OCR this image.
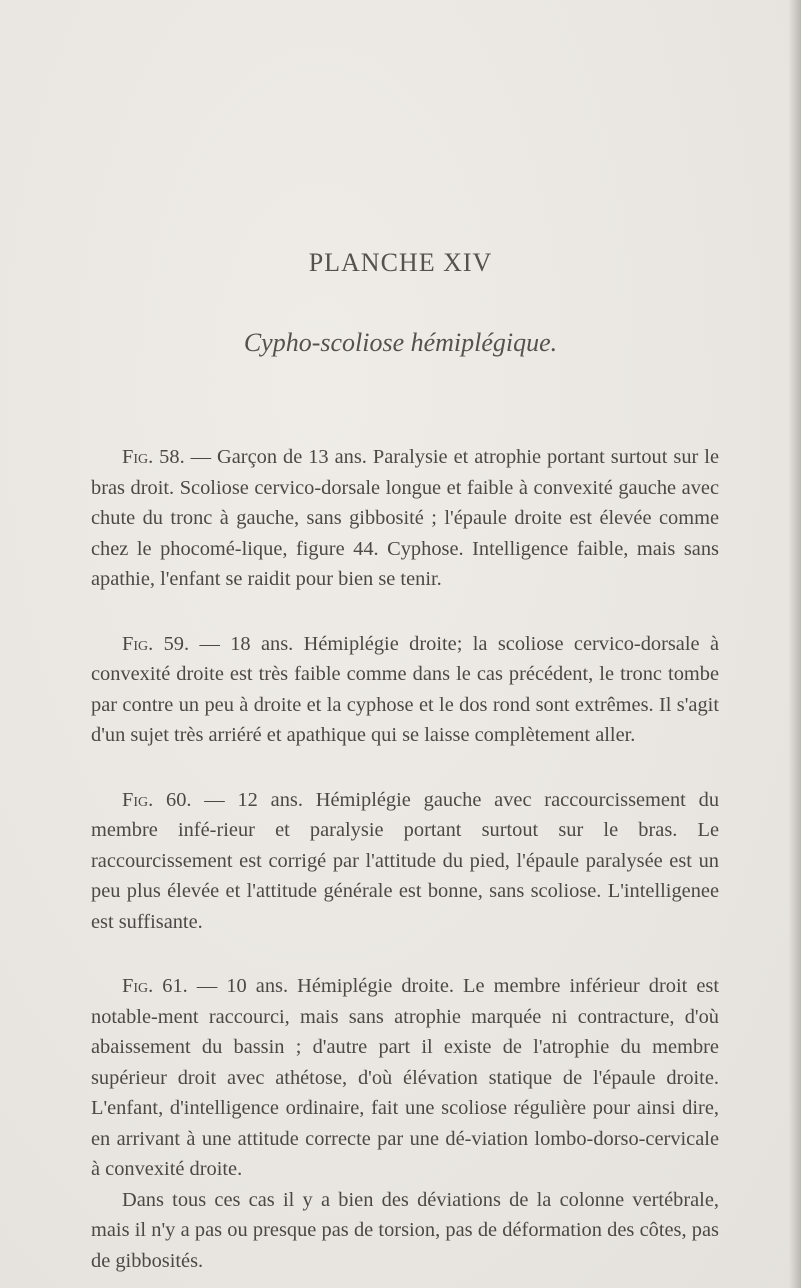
PLANCHE XIV
Cypho-scoliose hémiplégique.

Fig. 58. — Garçon de 13 ans. Paralysie et atrophie portant surtout sur le bras droit. Scoliose cervico-dorsale longue et faible à convexité gauche avec chute du tronc à gauche, sans gibbosité ; l'épaule droite est élevée comme chez le phocomé-lique, figure 44. Cyphose. Intelligence faible, mais sans apathie, l'enfant se raidit pour bien se tenir.

Fig. 59. — 18 ans. Hémiplégie droite; la scoliose cervico-dorsale à convexité droite est très faible comme dans le cas précédent, le tronc tombe par contre un peu à droite et la cyphose et le dos rond sont extrêmes. Il s'agit d'un sujet très arriéré et apathique qui se laisse complètement aller.

Fig. 60. — 12 ans. Hémiplégie gauche avec raccourcissement du membre infé-rieur et paralysie portant surtout sur le bras. Le raccourcissement est corrigé par l'attitude du pied, l'épaule paralysée est un peu plus élevée et l'attitude générale est bonne, sans scoliose. L'intelligenee est suffisante.

Fig. 61. — 10 ans. Hémiplégie droite. Le membre inférieur droit est notable-ment raccourci, mais sans atrophie marquée ni contracture, d'où abaissement du bassin ; d'autre part il existe de l'atrophie du membre supérieur droit avec athétose, d'où élévation statique de l'épaule droite. L'enfant, d'intelligence ordinaire, fait une scoliose régulière pour ainsi dire, en arrivant à une attitude correcte par une dé-viation lombo-dorso-cervicale à convexité droite.

Dans tous ces cas il y a bien des déviations de la colonne vertébrale, mais il n'y a pas ou presque pas de torsion, pas de déformation des côtes, pas de gibbosités.
